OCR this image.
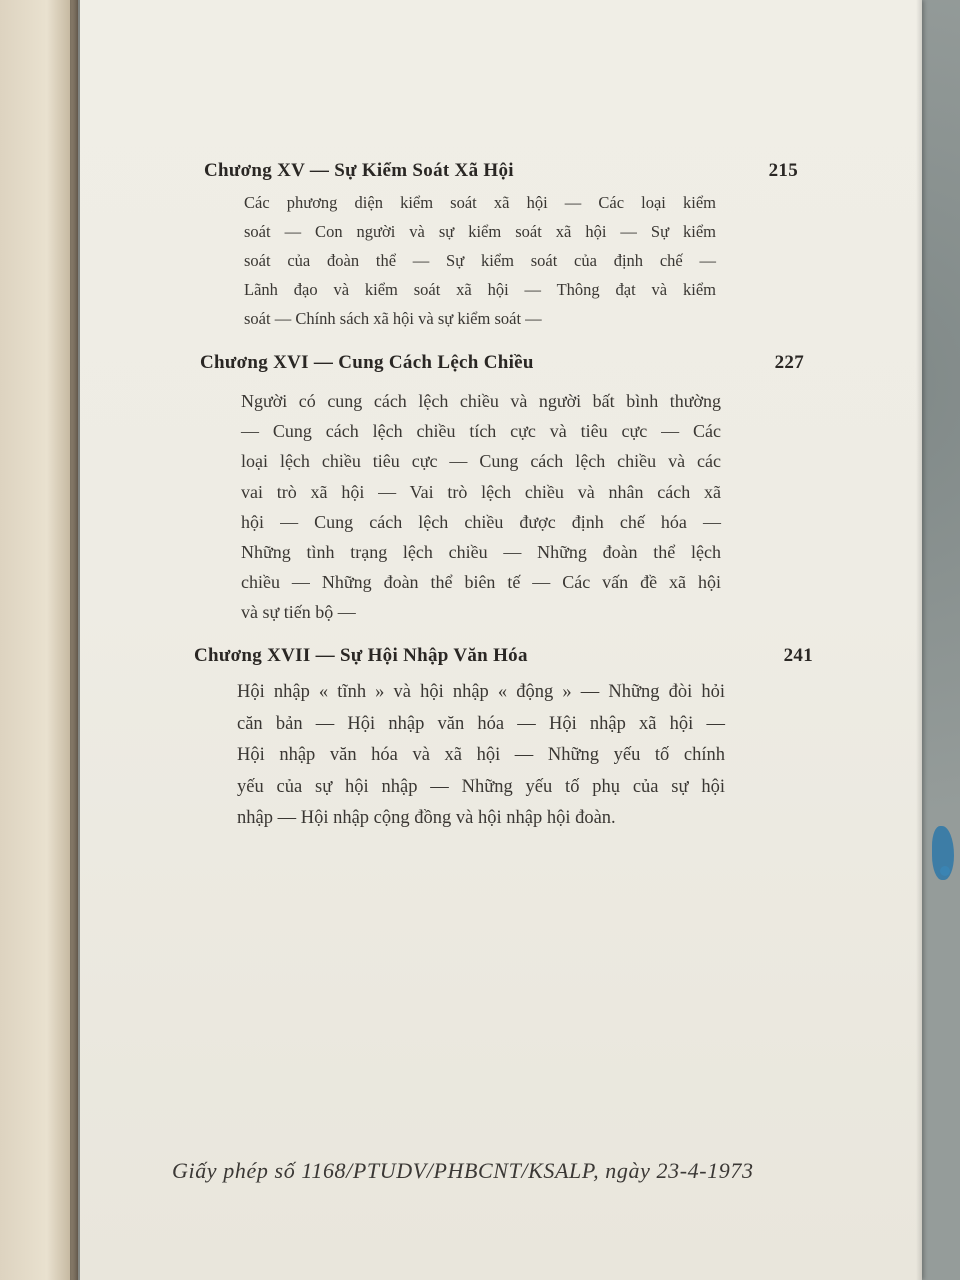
Chương XV — Sự Kiểm Soát Xã Hội	215
Các phương diện kiểm soát xã hội — Các loại kiểm
soát — Con người và sự kiểm soát xã hội — Sự kiểm
soát của đoàn thể — Sự kiểm soát của định chế —
Lãnh đạo và kiểm soát xã hội — Thông đạt và kiểm
soát — Chính sách xã hội và sự kiểm soát —
Chương XVI — Cung Cách Lệch Chiều	227
Người có cung cách lệch chiều và người bất bình thường
— Cung cách lệch chiều tích cực và tiêu cực — Các
loại lệch chiều tiêu cực — Cung cách lệch chiều và các
vai trò xã hội — Vai trò lệch chiều và nhân cách xã
hội — Cung cách lệch chiều được định chế hóa —
Những tình trạng lệch chiều — Những đoàn thể lệch
chiều — Những đoàn thể biên tế — Các vấn đề xã hội
và sự tiến bộ —
Chương XVII — Sự Hội Nhập Văn Hóa	241
Hội nhập « tĩnh » và hội nhập « động » — Những đòi hỏi
căn bản — Hội nhập văn hóa — Hội nhập xã hội —
Hội nhập văn hóa và xã hội — Những yếu tố chính
yếu của sự hội nhập — Những yếu tố phụ của sự hội
nhập — Hội nhập cộng đồng và hội nhập hội đoàn.
Giấy phép số 1168/PTUDV/PHBCNT/KSALP, ngày 23-4-1973
